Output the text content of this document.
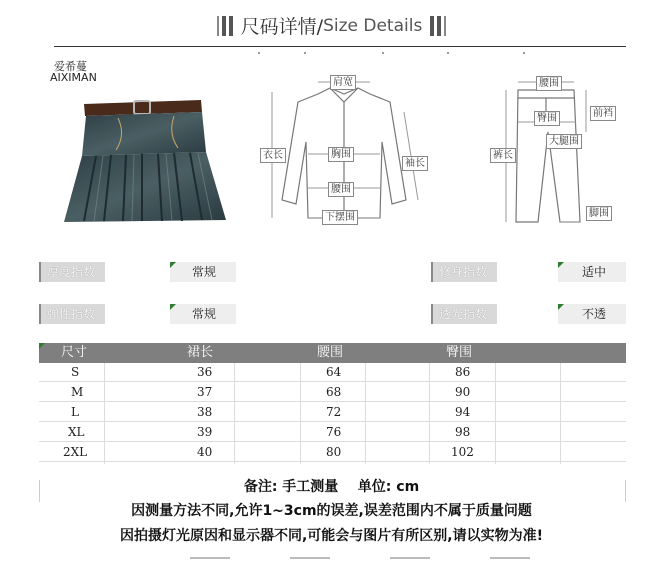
尺码详情/ Size Details
爱希蔓
AIXIMAN	肩宽
胸围
衣长
袖长
腰围
下摆围
腰围
前裆
臀围
大腿围
裤长
脚围
厚度指数	常规	修身指数	适中
弹性指数	常规	透光指数	不透
尺寸	裙长	腰围	臀围
S	36	64	86
M	37	68	90
L	38	72	94
XL	39	76	98
2XL	40	80	102
备注: 手工测量    单位: cm
因测量方法不同,允许1~3cm的误差,误差范围内不属于质量问题
因拍摄灯光原因和显示器不同,可能会与图片有所区别,请以实物为准!
